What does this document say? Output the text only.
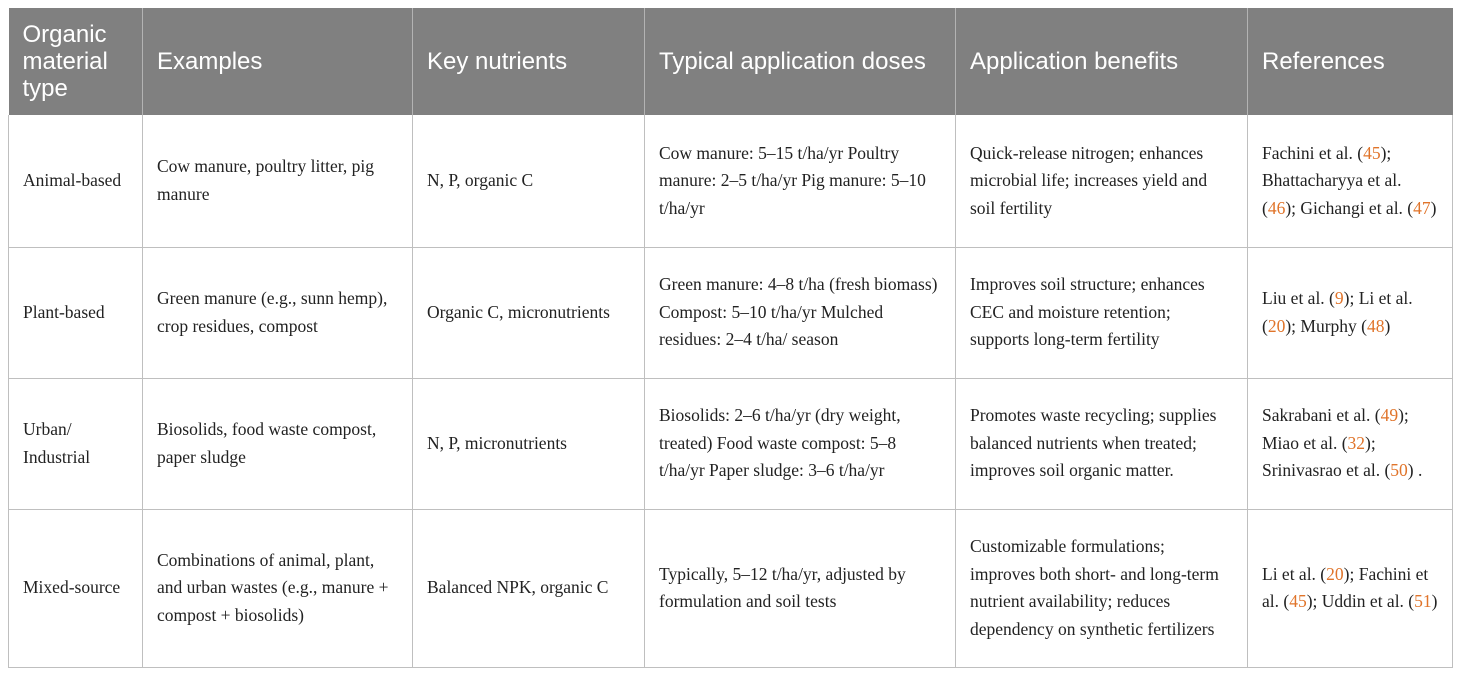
Organic material type	Examples	Key nutrients	Typical application doses	Application benefits	References
Animal-based	Cow manure, poultry litter, pig manure	N, P, organic C	Cow manure: 5–15 t/ha/yr Poultry manure: 2–5 t/ha/yr Pig manure: 5–10 t/ha/yr	Quick-release nitrogen; enhances microbial life; increases yield and soil fertility	Fachini et al. (45); Bhattacharyya et al. (46); Gichangi et al. (47)
Plant-based	Green manure (e.g., sunn hemp), crop residues, compost	Organic C, micronutrients	Green manure: 4–8 t/ha (fresh biomass) Compost: 5–10 t/ha/yr Mulched residues: 2–4 t/ha/ season	Improves soil structure; enhances CEC and moisture retention; supports long-term fertility	Liu et al. (9); Li et al. (20); Murphy (48)
Urban/ Industrial	Biosolids, food waste compost, paper sludge	N, P, micronutrients	Biosolids: 2–6 t/ha/yr (dry weight, treated) Food waste compost: 5–8 t/ha/yr Paper sludge: 3–6 t/ha/yr	Promotes waste recycling; supplies balanced nutrients when treated; improves soil organic matter.	Sakrabani et al. (49); Miao et al. (32); Srinivasrao et al. (50) .
Mixed-source	Combinations of animal, plant, and urban wastes (e.g., manure + compost + biosolids)	Balanced NPK, organic C	Typically, 5–12 t/ha/yr, adjusted by formulation and soil tests	Customizable formulations; improves both short- and long-term nutrient availability; reduces dependency on synthetic fertilizers	Li et al. (20); Fachini et al. (45); Uddin et al. (51)
